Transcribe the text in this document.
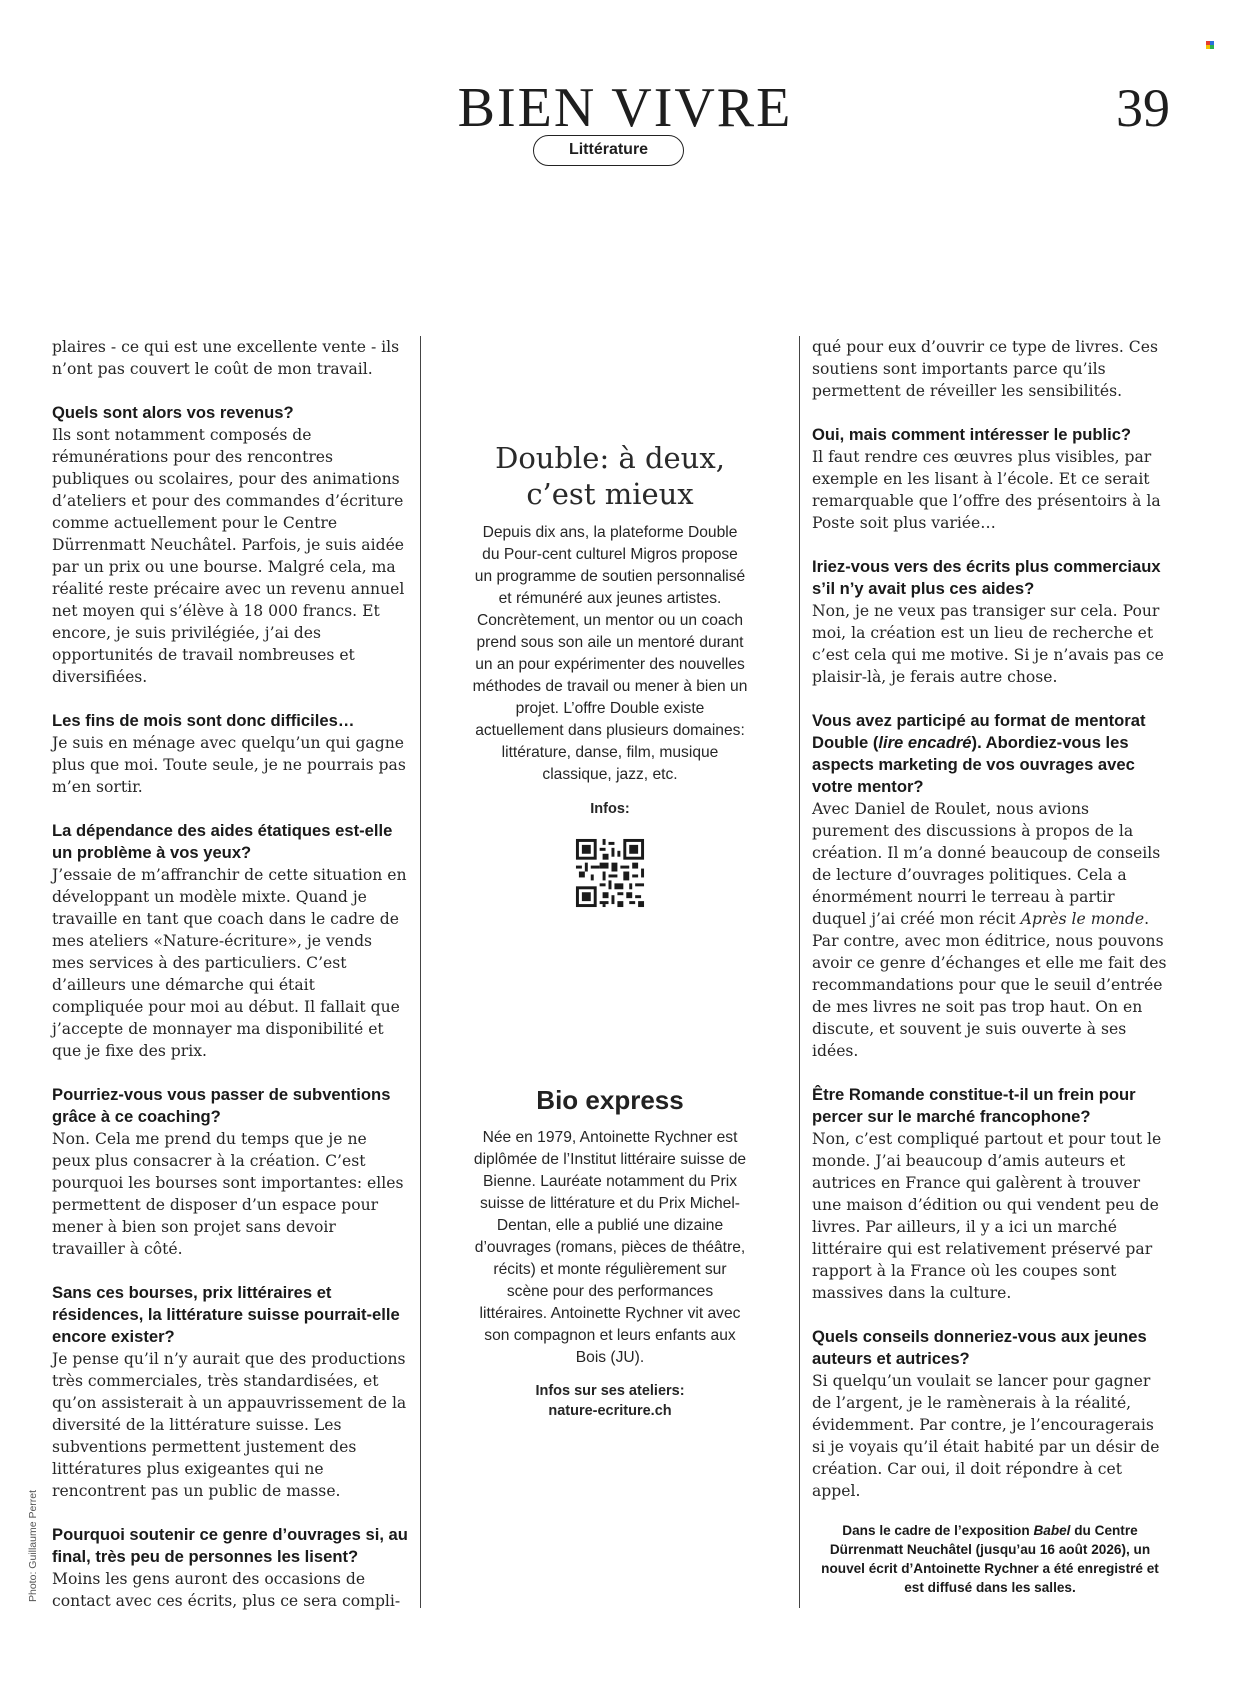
BIEN VIVRE	39
Littérature

plaires - ce qui est une excellente vente - ils n’ont pas couvert le coût de mon travail.

Quels sont alors vos revenus?

Ils sont notamment composés de rémunérations pour des rencontres publiques ou scolaires, pour des animations d’ateliers et pour des commandes d’écriture comme actuellement pour le Centre Dürrenmatt Neuchâtel. Parfois, je suis aidée par un prix ou une bourse. Malgré cela, ma réalité reste précaire avec un revenu annuel net moyen qui s’élève à 18 000 francs. Et encore, je suis privilégiée, j’ai des opportunités de travail nombreuses et diversifiées.

Les fins de mois sont donc difficiles…

Je suis en ménage avec quelqu’un qui gagne plus que moi. Toute seule, je ne pourrais pas m’en sortir.

La dépendance des aides étatiques est-elle un problème à vos yeux?

J’essaie de m’affranchir de cette situation en développant un modèle mixte. Quand je travaille en tant que coach dans le cadre de mes ateliers «Nature-écriture», je vends mes services à des particuliers. C’est d’ailleurs une démarche qui était compliquée pour moi au début. Il fallait que j’accepte de monnayer ma disponibilité et que je fixe des prix.

Pourriez-vous vous passer de subventions grâce à ce coaching?

Non. Cela me prend du temps que je ne peux plus consacrer à la création. C’est pourquoi les bourses sont importantes: elles permettent de disposer d’un espace pour mener à bien son projet sans devoir travailler à côté.

Sans ces bourses, prix littéraires et résidences, la littérature suisse pourrait-elle encore exister?

Je pense qu’il n’y aurait que des productions très commerciales, très standardisées, et qu’on assisterait à un appauvrissement de la diversité de la littérature suisse. Les subventions permettent justement des littératures plus exigeantes qui ne rencontrent pas un public de masse.

Pourquoi soutenir ce genre d’ouvrages si, au final, très peu de personnes les lisent?

Moins les gens auront des occasions de contact avec ces écrits, plus ce sera compli-

Double: à deux, c’est mieux
Depuis dix ans, la plateforme Double du Pour-cent culturel Migros propose un programme de soutien personnalisé et rémunéré aux jeunes artistes. Concrètement, un mentor ou un coach prend sous son aile un mentoré durant un an pour expérimenter des nouvelles méthodes de travail ou mener à bien un projet. L’offre Double existe actuellement dans plusieurs domaines: littérature, danse, film, musique classique, jazz, etc.
Infos:
Bio express
Née en 1979, Antoinette Rychner est diplômée de l’Institut littéraire suisse de Bienne. Lauréate notamment du Prix suisse de littérature et du Prix Michel-Dentan, elle a publié une dizaine d’ouvrages (romans, pièces de théâtre, récits) et monte régulièrement sur scène pour des performances littéraires. Antoinette Rychner vit avec son compagnon et leurs enfants aux Bois (JU).
Infos sur ses ateliers:
nature-ecriture.ch

qué pour eux d’ouvrir ce type de livres. Ces soutiens sont importants parce qu’ils permettent de réveiller les sensibilités.

Oui, mais comment intéresser le public?

Il faut rendre ces œuvres plus visibles, par exemple en les lisant à l’école. Et ce serait remarquable que l’offre des présentoirs à la Poste soit plus variée…

Iriez-vous vers des écrits plus commerciaux s’il n’y avait plus ces aides?

Non, je ne veux pas transiger sur cela. Pour moi, la création est un lieu de recherche et c’est cela qui me motive. Si je n’avais pas ce plaisir-là, je ferais autre chose.

Vous avez participé au format de mentorat Double (lire encadré). Abordiez-vous les aspects marketing de vos ouvrages avec votre mentor?

Avec Daniel de Roulet, nous avions purement des discussions à propos de la création. Il m’a donné beaucoup de conseils de lecture d’ouvrages politiques. Cela a énormément nourri le terreau à partir duquel j’ai créé mon récit Après le monde. Par contre, avec mon éditrice, nous pouvons avoir ce genre d’échanges et elle me fait des recommandations pour que le seuil d’entrée de mes livres ne soit pas trop haut. On en discute, et souvent je suis ouverte à ses idées.

Être Romande constitue-t-il un frein pour percer sur le marché francophone?

Non, c’est compliqué partout et pour tout le monde. J’ai beaucoup d’amis auteurs et autrices en France qui galèrent à trouver une maison d’édition ou qui vendent peu de livres. Par ailleurs, il y a ici un marché littéraire qui est relativement préservé par rapport à la France où les coupes sont massives dans la culture.

Quels conseils donneriez-vous aux jeunes auteurs et autrices?

Si quelqu’un voulait se lancer pour gagner de l’argent, je le ramènerais à la réalité, évidemment. Par contre, je l’encouragerais si je voyais qu’il était habité par un désir de création. Car oui, il doit répondre à cet appel.

Dans le cadre de l’exposition Babel du Centre Dürrenmatt Neuchâtel (jusqu’au 16 août 2026), un nouvel écrit d’Antoinette Rychner a été enregistré et est diffusé dans les salles.
Photo: Guillaume Perret
